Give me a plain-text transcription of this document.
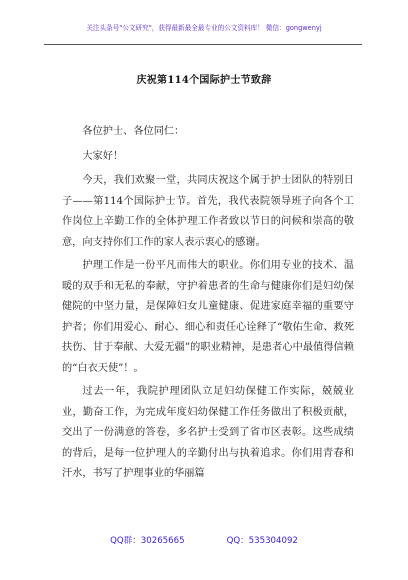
关注头条号"公文研究"，获得最新最全最专业的公文资料库！ 微信：gongwenyj
庆祝第114个国际护士节致辞

各位护士、各位同仁：

大家好！

今天，我们欢聚一堂，共同庆祝这个属于护士团队的特别日子——第114个国际护士节。首先，我代表院领导班子向各个工作岗位上辛勤工作的全体护理工作者致以节日的问候和崇高的敬意，向支持你们工作的家人表示衷心的感谢。

护理工作是一份平凡而伟大的职业。你们用专业的技术、温暖的双手和无私的奉献，守护着患者的生命与健康你们是妇幼保健院的中坚力量，是保障妇女儿童健康、促进家庭幸福的重要守护者；你们用爱心、耐心、细心和责任心诠释了“敬佑生命、救死扶伤、甘于奉献、大爱无疆”的职业精神，是患者心中最值得信赖的“白衣天使”！。

过去一年，我院护理团队立足妇幼保健工作实际，兢兢业业，勤奋工作，为完成年度妇幼保健工作任务做出了积极贡献，交出了一份满意的答卷，多名护士受到了省市区表彰。这些成绩的背后，是每一位护理人的辛勤付出与执着追求。你们用青春和汗水，书写了护理事业的华丽篇

QQ群：30265665	QQ：535304092
